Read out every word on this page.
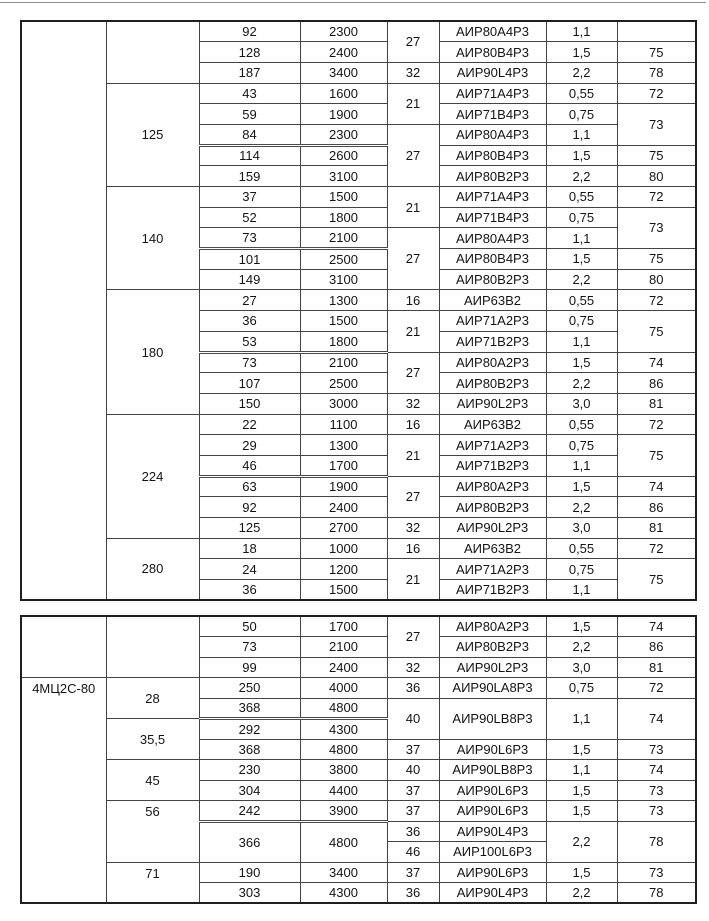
		92	2300	27	АИР80А4Р3	1,1	
		128	2400		АИР80В4Р3	1,5	75
		187	3400	32	АИР90L4Р3	2,2	78
	125	43	1600	21	АИР71А4Р3	0,55	72
		59	1900		АИР71В4Р3	0,75	73
		84	2300	27	АИР80А4Р3	1,1	
		114	2600		АИР80В4Р3	1,5	75
		159	3100		АИР80В2Р3	2,2	80
	140	37	1500	21	АИР71А4Р3	0,55	72
		52	1800		АИР71В4Р3	0,75	73
		73	2100	27	АИР80А4Р3	1,1	
		101	2500		АИР80В4Р3	1,5	75
		149	3100		АИР80В2Р3	2,2	80
	180	27	1300	16	АИР63В2	0,55	72
		36	1500	21	АИР71А2Р3	0,75	75
		53	1800		АИР71В2Р3	1,1	
		73	2100	27	АИР80А2Р3	1,5	74
		107	2500		АИР80В2Р3	2,2	86
		150	3000	32	АИР90L2Р3	3,0	81
	224	22	1100	16	АИР63В2	0,55	72
		29	1300	21	АИР71А2Р3	0,75	75
		46	1700		АИР71В2Р3	1,1	
		63	1900	27	АИР80А2Р3	1,5	74
		92	2400		АИР80В2Р3	2,2	86
		125	2700	32	АИР90L2Р3	3,0	81
	280	18	1000	16	АИР63В2	0,55	72
		24	1200	21	АИР71А2Р3	0,75	75
		36	1500		АИР71В2Р3	1,1	
		50	1700	27	АИР80А2Р3	1,5	74
		73	2100		АИР80В2Р3	2,2	86
		99	2400	32	АИР90L2Р3	3,0	81
4МЦ2С-80	28	250	4000	36	АИР90LA8Р3	0,75	72
		368	4800	40	АИР90LB8Р3	1,1	74
	35,5	292	4300				
		368	4800	37	АИР90L6Р3	1,5	73
	45	230	3800	40	АИР90LB8Р3	1,1	74
		304	4400	37	АИР90L6Р3	1,5	73
	56	242	3900	37	АИР90L6Р3	1,5	73
		366	4800	36	АИР90L4Р3	2,2	78
				46	АИР100L6Р3		
	71	190	3400	37	АИР90L6Р3	1,5	73
		303	4300	36	АИР90L4Р3	2,2	78
